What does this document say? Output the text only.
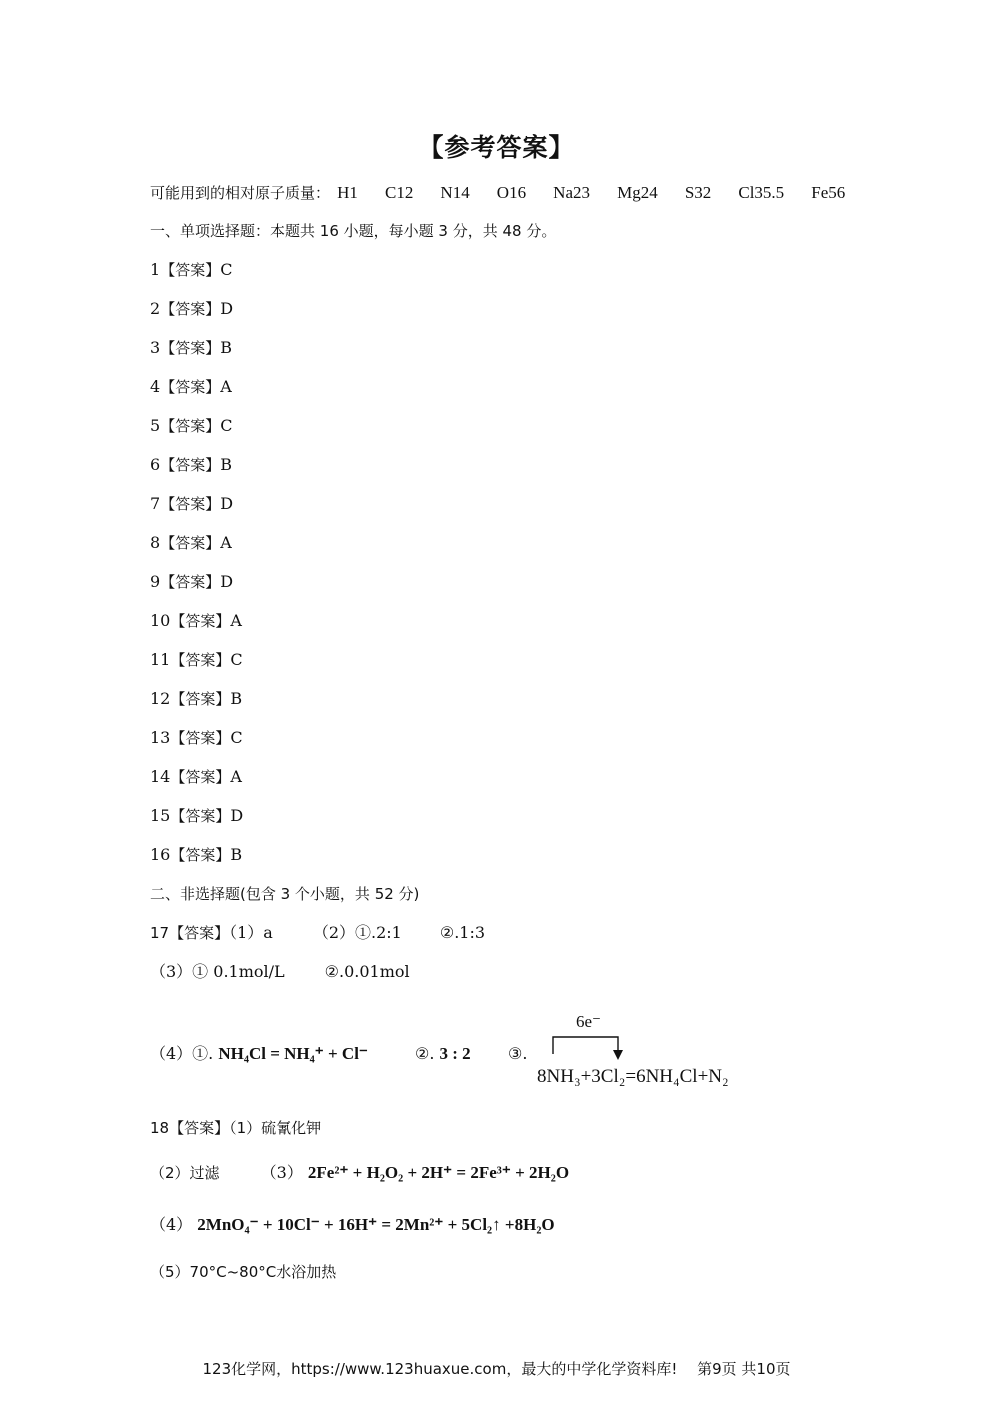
【参考答案】
可能用到的相对原子质量： H1 C12 N14 O16 Na23 Mg24 S32 Cl35.5 Fe56
一、单项选择题：本题共 16 小题，每小题 3 分，共 48 分。
1【答案】C
2【答案】D
3【答案】B
4【答案】A
5【答案】C
6【答案】B
7【答案】D
8【答案】A
9【答案】D
10【答案】A
11【答案】C
12【答案】B
13【答案】C
14【答案】A
15【答案】D
16【答案】B
二、非选择题(包含 3 个小题，共 52 分)
17【答案】（1）a	（2）①.2:1 ②.1:3
（3）① 0.1mol/L	②.0.01mol
（4）①. NH₄Cl = NH₄⁺ + Cl⁻	②. 3 : 2 ③.
6e⁻
8NH₃+3Cl₂=6NH₄Cl+N₂
18【答案】（1）硫氰化钾
（2）过滤	（3） 2Fe²⁺ + H₂O₂ + 2H⁺ = 2Fe³⁺ + 2H₂O
（4） 2MnO₄⁻ + 10Cl⁻ + 16H⁺ = 2Mn²⁺ + 5Cl₂↑ +8H₂O
（5）70°C~80°C水浴加热
123化学网，https://www.123huaxue.com，最大的中学化学资料库!　 第9页 共10页
